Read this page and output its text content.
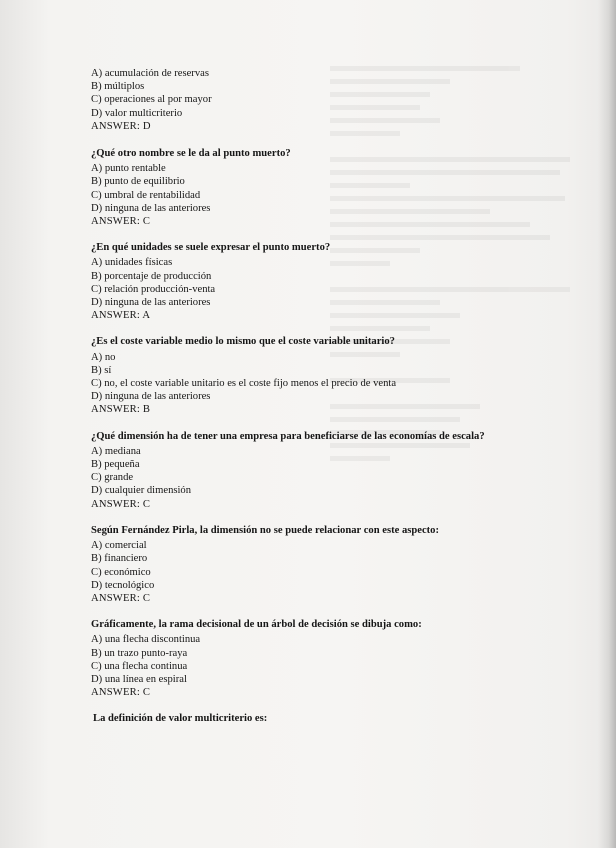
A) acumulación de reservas
B) múltiplos
C) operaciones al por mayor
D) valor multicriterio
ANSWER: D
¿Qué otro nombre se le da al punto muerto?
A) punto rentable
B) punto de equilibrio
C) umbral de rentabilidad
D) ninguna de las anteriores
ANSWER: C
¿En qué unidades se suele expresar el punto muerto?
A) unidades físicas
B) porcentaje de producción
C) relación producción-venta
D) ninguna de las anteriores
ANSWER: A
¿Es el coste variable medio lo mismo que el coste variable unitario?
A) no
B) sí
C) no, el coste variable unitario es el coste fijo menos el precio de venta
D) ninguna de las anteriores
ANSWER: B
¿Qué dimensión ha de tener una empresa para beneficiarse de las economías de escala?
A) mediana
B) pequeña
C) grande
D) cualquier dimensión
ANSWER: C
Según Fernández Pirla, la dimensión no se puede relacionar con este aspecto:
A) comercial
B) financiero
C) económico
D) tecnológico
ANSWER: C
Gráficamente, la rama decisional de un árbol de decisión se dibuja como:
A) una flecha discontinua
B) un trazo punto-raya
C) una flecha continua
D) una línea en espiral
ANSWER: C
La definición de valor multicriterio es:
